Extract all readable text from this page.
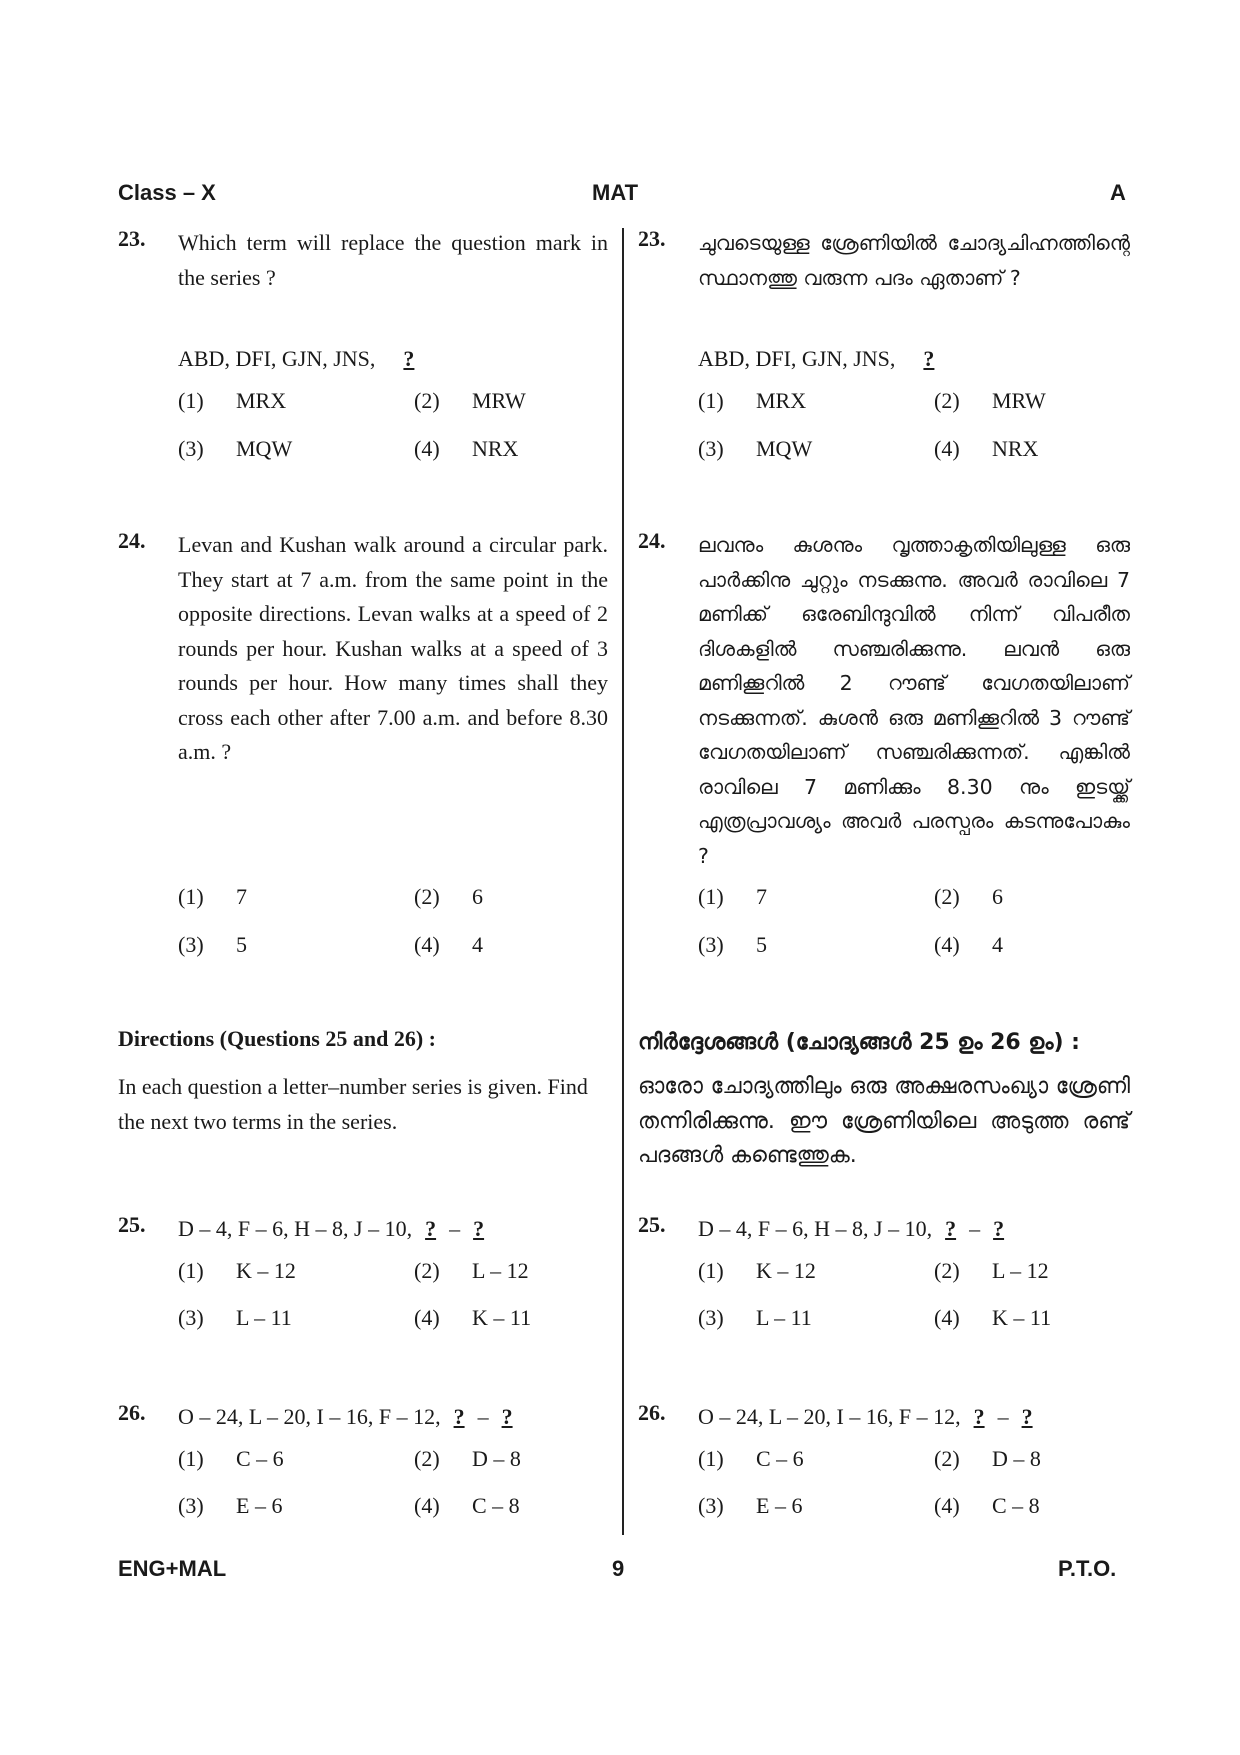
Class – X	MAT	A
23. Which term will replace the question mark in the series ?
ABD, DFI, GJN, JNS, ?
(1) MRX	(2) MRW
(3) MQW	(4) NRX
24. Levan and Kushan walk around a circular park. They start at 7 a.m. from the same point in the opposite directions. Levan walks at a speed of 2 rounds per hour. Kushan walks at a speed of 3 rounds per hour. How many times shall they cross each other after 7.00 a.m. and before 8.30 a.m. ?
(1) 7	(2) 6
(3) 5	(4) 4
Directions (Questions 25 and 26) :
In each question a letter–number series is given. Find the next two terms in the series.
25. D – 4, F – 6, H – 8, J – 10, ? – ?
(1) K – 12	(2) L – 12
(3) L – 11	(4) K – 11
26. O – 24, L – 20, I – 16, F – 12, ? – ?
(1) C – 6	(2) D – 8
(3) E – 6	(4) C – 8
23. ചുവടെയുള്ള ശ്രേണിയിൽ ചോദ്യചിഹ്നത്തിന്റെ സ്ഥാനത്തു വരുന്ന പദം ഏതാണ് ?
ABD, DFI, GJN, JNS, ?
(1) MRX	(2) MRW
(3) MQW	(4) NRX
24. ലവനും കുശനും വൃത്താകൃതിയിലുള്ള ഒരു പാർക്കിനു ചുറ്റും നടക്കുന്നു. അവർ രാവിലെ 7 മണിക്ക് ഒരേബിന്ദുവിൽ നിന്ന് വിപരീത ദിശകളിൽ സഞ്ചരിക്കുന്നു. ലവൻ ഒരു മണിക്കൂറിൽ 2 റൗണ്ട് വേഗതയിലാണ് നടക്കുന്നത്. കുശൻ ഒരു മണിക്കൂറിൽ 3 റൗണ്ട് വേഗതയിലാണ് സഞ്ചരിക്കുന്നത്. എങ്കിൽ രാവിലെ 7 മണിക്കും 8.30 നും ഇടയ്ക്ക് എത്രപ്രാവശ്യം അവർ പരസ്പരം കടന്നുപോകും ?
(1) 7	(2) 6
(3) 5	(4) 4
നിർദ്ദേശങ്ങൾ (ചോദ്യങ്ങൾ 25 ഉം 26 ഉം) :
ഓരോ ചോദ്യത്തിലും ഒരു അക്ഷരസംഖ്യാ ശ്രേണി തന്നിരിക്കുന്നു. ഈ ശ്രേണിയിലെ അടുത്ത രണ്ട് പദങ്ങൾ കണ്ടെത്തുക.
25. D – 4, F – 6, H – 8, J – 10, ? – ?
(1) K – 12	(2) L – 12
(3) L – 11	(4) K – 11
26. O – 24, L – 20, I – 16, F – 12, ? – ?
(1) C – 6	(2) D – 8
(3) E – 6	(4) C – 8
ENG+MAL	9	P.T.O.
